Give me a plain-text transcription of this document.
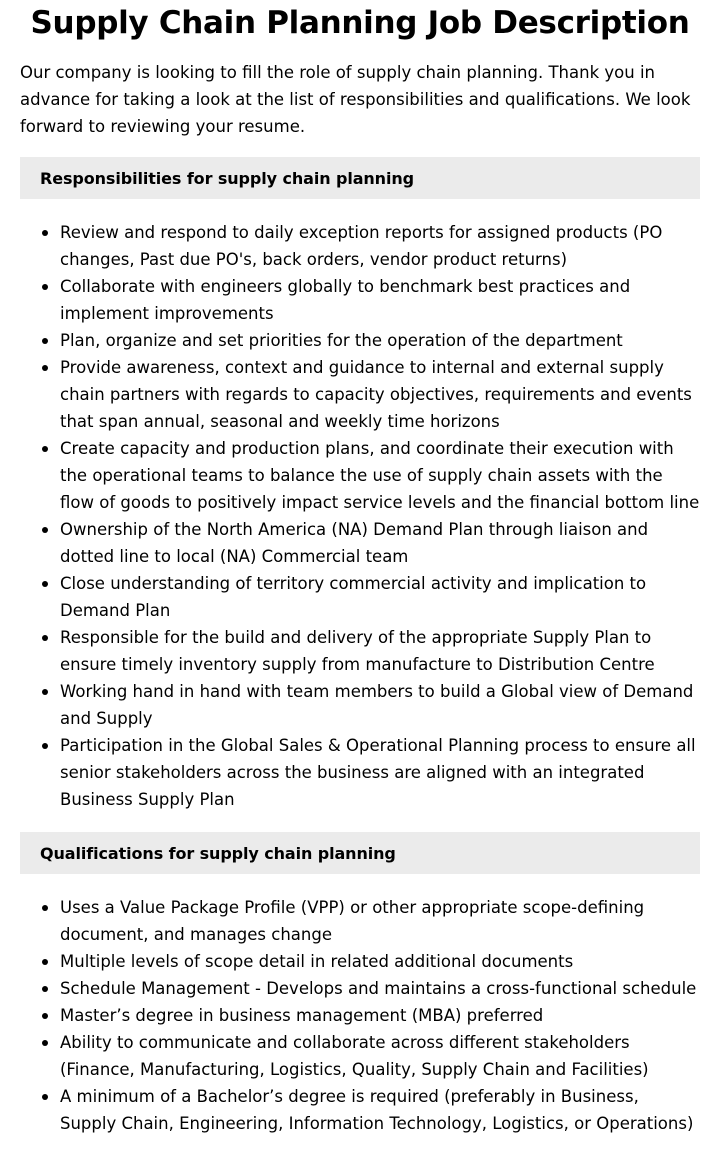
Supply Chain Planning Job Description

Our company is looking to fill the role of supply chain planning. Thank you in advance for taking a look at the list of responsibilities and qualifications. We look forward to reviewing your resume.

Responsibilities for supply chain planning
Review and respond to daily exception reports for assigned products (PO changes, Past due PO's, back orders, vendor product returns)
Collaborate with engineers globally to benchmark best practices and implement improvements
Plan, organize and set priorities for the operation of the department
Provide awareness, context and guidance to internal and external supply chain partners with regards to capacity objectives, requirements and events that span annual, seasonal and weekly time horizons
Create capacity and production plans, and coordinate their execution with the operational teams to balance the use of supply chain assets with the flow of goods to positively impact service levels and the financial bottom line
Ownership of the North America (NA) Demand Plan through liaison and dotted line to local (NA) Commercial team
Close understanding of territory commercial activity and implication to Demand Plan
Responsible for the build and delivery of the appropriate Supply Plan to ensure timely inventory supply from manufacture to Distribution Centre
Working hand in hand with team members to build a Global view of Demand and Supply
Participation in the Global Sales & Operational Planning process to ensure all senior stakeholders across the business are aligned with an integrated Business Supply Plan
Qualifications for supply chain planning
Uses a Value Package Profile (VPP) or other appropriate scope-defining document, and manages change
Multiple levels of scope detail in related additional documents
Schedule Management - Develops and maintains a cross-functional schedule
Master’s degree in business management (MBA) preferred
Ability to communicate and collaborate across different stakeholders (Finance, Manufacturing, Logistics, Quality, Supply Chain and Facilities)
A minimum of a Bachelor’s degree is required (preferably in Business, Supply Chain, Engineering, Information Technology, Logistics, or Operations)
